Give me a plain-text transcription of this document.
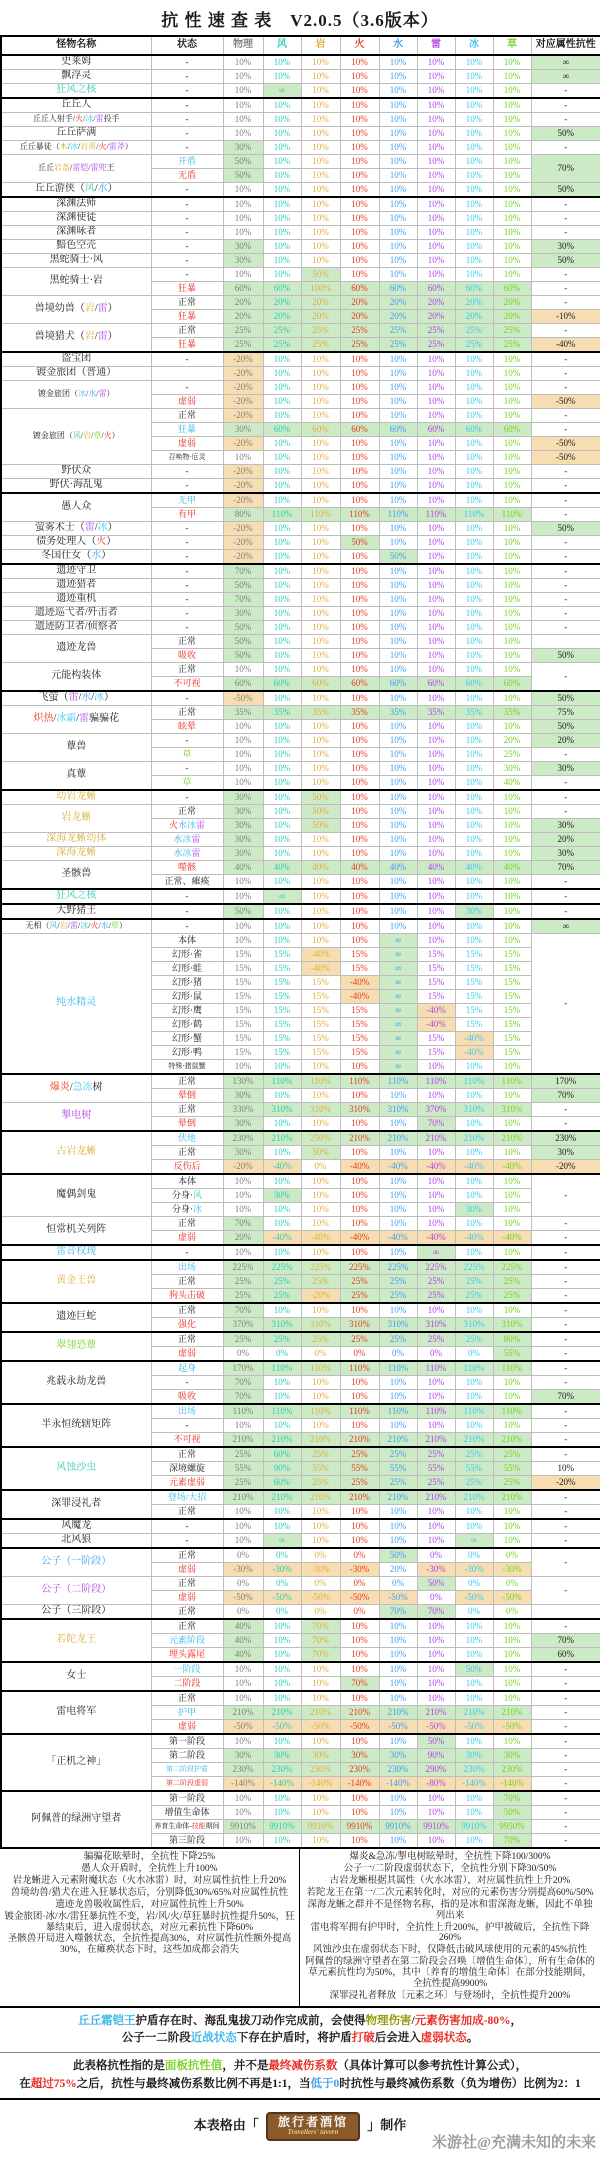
抗 性 速 查 表　V2.0.5（3.6版本）
怪物名称	状态	物理	风	岩	火	水	雷	冰	草	对应属性抗性
史莱姆	-	10%	10%	10%	10%	10%	10%	10%	10%	∞
飘浮灵	-	10%	10%	10%	10%	10%	10%	10%	10%	∞
狂风之核	-	10%	∞	10%	10%	10%	10%	10%	10%	-
丘丘人	-	10%	10%	10%	10%	10%	10%	10%	10%	-
丘丘人射手/火/冰/雷投手	-	10%	10%	10%	10%	10%	10%	10%	10%	-
丘丘萨满	-	10%	10%	10%	10%	10%	10%	10%	10%	50%
丘丘暴徒（木/冰/岩盾/火/雷斧）	-	30%	10%	10%	10%	10%	10%	10%	10%	-
丘丘岩盔/雷铠/雷兜王	开盾	50%	10%	10%	10%	10%	10%	10%	10%	70%
	无盾	50%	10%	10%	10%	10%	10%	10%	10%	
丘丘游侠（风/水）	-	10%	10%	10%	10%	10%	10%	10%	10%	50%
深渊法师	-	10%	10%	10%	10%	10%	10%	10%	10%	-
深渊使徒	-	10%	10%	10%	10%	10%	10%	10%	10%	-
深渊咏者	-	10%	10%	10%	10%	10%	10%	10%	10%	-
黯色空壳	-	30%	10%	10%	10%	10%	10%	10%	10%	30%
黑蛇骑士·风	-	30%	10%	10%	10%	10%	10%	10%	10%	50%
黑蛇骑士·岩	-	10%	10%	50%	10%	10%	10%	10%	10%	-
	狂暴	60%	60%	100%	60%	60%	60%	60%	60%	-
兽境幼兽（岩/雷）	正常	20%	20%	20%	20%	20%	20%	20%	20%	-
	狂暴	20%	20%	20%	20%	20%	20%	20%	20%	-10%
兽境猎犬（岩/雷）	正常	25%	25%	25%	25%	25%	25%	25%	25%	-
	狂暴	25%	25%	25%	25%	25%	25%	25%	25%	-40%
盗宝团	-	-20%	10%	10%	10%	10%	10%	10%	10%	-
镀金旅团（普通）		-20%	10%	10%	10%	10%	10%	10%	10%	-
镀金旅团（冰/水/雷）	-	-20%	10%	10%	10%	10%	10%	10%	10%	-
	虚弱	-20%	10%	10%	10%	10%	10%	10%	10%	-50%
镀金旅团（风/岩/草/火）	正常	-20%	10%	10%	10%	10%	10%	10%	10%	-
	狂暴	30%	60%	60%	60%	60%	60%	60%	60%	-
	虚弱	-20%	10%	10%	10%	10%	10%	10%	10%	-50%
	召唤物·厄灵	10%	10%	10%	10%	10%	10%	10%	10%	-50%
野伏众	-	-20%	10%	10%	10%	10%	10%	10%	10%	-
野伏·海乱鬼	-	-20%	10%	10%	10%	10%	10%	10%	10%	-
愚人众	无甲	-20%	10%	10%	10%	10%	10%	10%	10%	-
	有甲	80%	110%	110%	110%	110%	110%	110%	110%	-
萤雾术士（雷/冰）	-	-20%	10%	10%	10%	10%	10%	10%	10%	50%
债务处理人（火）	-	-20%	10%	10%	50%	10%	10%	10%	10%	-
冬国仕女（水）	-	-20%	10%	10%	10%	50%	10%	10%	10%	-
遗迹守卫	-	70%	10%	10%	10%	10%	10%	10%	10%	-
遗迹猎者	-	50%	10%	10%	10%	10%	10%	10%	10%	-
遗迹重机	-	70%	10%	10%	10%	10%	10%	10%	10%	-
遗迹巡弋者/歼击者	-	30%	10%	10%	10%	10%	10%	10%	10%	-
遗迹防卫者/侦察者	-	50%	10%	10%	10%	10%	10%	10%	10%	-
遗迹龙兽	正常	50%	10%	10%	10%	10%	10%	10%	10%	
	吸收	50%	10%	10%	10%	10%	10%	10%	10%	50%
元能构装体	正常	10%	10%	10%	10%	10%	10%	10%	10%	-
	不可视	60%	60%	60%	60%	60%	60%	60%	60%	
飞萤（雷/水/冰）	-	-50%	10%	10%	10%	10%	10%	10%	10%	50%
炽热/冰霜/雷骗骗花	正常	35%	35%	35%	35%	35%	35%	35%	35%	75%
	眩晕	10%	10%	10%	10%	10%	10%	10%	10%	50%
蕈兽	-	10%	10%	10%	10%	10%	10%	10%	20%	20%
	草	10%	10%	10%	10%	10%	10%	10%	25%	-
真蕈	-	10%	10%	10%	10%	10%	10%	10%	30%	30%
	草	10%	10%	10%	10%	10%	10%	10%	40%	-
幼岩龙蜥	-	30%	10%	50%	10%	10%	10%	10%	10%	-
岩龙蜥	正常	30%	10%	50%	10%	10%	10%	10%	10%	-
	火水冰雷	30%	10%	50%	10%	10%	10%	10%	10%	30%
深海龙蜥幼体	水冰雷	30%	10%	10%	10%	10%	10%	10%	10%	20%
深海龙蜥	水冰雷	30%	10%	10%	10%	10%	10%	10%	10%	30%
圣骸兽	噬骸	40%	40%	40%	40%	40%	40%	40%	40%	70%
	正常、瘫痪	10%	10%	10%	10%	10%	10%	10%	10%	-
狂风之核	-	10%	∞	10%	10%	10%	10%	10%	10%	-
大野猪王	-	50%	10%	10%	10%	10%	10%	30%	10%	-
无相（风/岩/雷/冰/火/水/草）	-	10%	10%	10%	10%	10%	10%	10%	10%	∞
纯水精灵	本体	10%	10%	10%	10%	∞	10%	10%	10%	-
	幻形·雀	15%	15%	-40%	15%	∞	15%	15%	15%	
	幻形·蛙	15%	15%	-40%	15%	∞	15%	15%	15%	
	幻形·猪	15%	15%	15%	-40%	∞	15%	15%	15%	
	幻形·鼠	15%	15%	15%	-40%	∞	15%	15%	15%	
	幻形·鹰	15%	15%	15%	15%	∞	-40%	15%	15%	
	幻形·鹤	15%	15%	15%	15%	∞	-40%	15%	15%	
	幻形·蟹	15%	15%	15%	15%	∞	15%	-40%	15%	
	幻形·鸭	15%	15%	15%	15%	∞	15%	-40%	15%	
	特殊·猪鼠蟹	10%	10%	10%	10%	∞	10%	10%	10%	
爆炎/急冻树	正常	130%	110%	110%	110%	110%	110%	110%	110%	170%
	晕倒	30%	10%	10%	10%	10%	10%	10%	10%	70%
掣电树	正常	330%	310%	310%	310%	310%	370%	310%	310%	-
	晕倒	30%	10%	10%	10%	10%	70%	10%	10%	-
古岩龙蜥	伏地	230%	210%	250%	210%	210%	210%	210%	210%	230%
	正常	30%	10%	50%	10%	10%	10%	10%	10%	30%
	反伤后	-20%	-40%	0%	-40%	-40%	-40%	-40%	-40%	-20%
魔偶剑鬼	本体	10%	10%	10%	10%	10%	10%	10%	10%	-
	分身·风	10%	30%	10%	10%	10%	10%	10%	10%	
	分身·冰	10%	10%	10%	10%	10%	10%	30%	10%	
恒常机关列阵	正常	70%	10%	10%	10%	10%	10%	10%	10%	-
	虚弱	20%	-40%	-40%	-40%	-40%	-40%	-40%	-40%	-
雷音权现	-	10%	10%	10%	10%	10%	∞	10%	10%	-
黄金王兽	出场	225%	225%	225%	225%	225%	225%	225%	225%	-
	正常	25%	25%	25%	25%	25%	25%	25%	25%	-
	狗头击破	25%	25%	-20%	25%	25%	25%	25%	25%	-
遗迹巨蛇	正常	70%	10%	10%	10%	10%	10%	10%	10%	-
	强化	370%	310%	310%	310%	310%	310%	310%	310%	-
翠翎恐蕈	正常	25%	25%	25%	25%	25%	25%	25%	80%	-
	虚弱	0%	0%	0%	0%	0%	0%	0%	55%	-
兆载永劫龙兽	起身	170%	110%	110%	110%	110%	110%	110%	110%	-
	-	70%	10%	10%	10%	10%	10%	10%	10%	-
	吸收	70%	10%	10%	10%	10%	10%	10%	10%	70%
半永恒统辖矩阵	出场	110%	110%	110%	110%	110%	110%	110%	110%	-
	-	10%	10%	10%	10%	10%	10%	10%	10%	-
	不可视	210%	210%	210%	210%	210%	210%	210%	210%	-
风蚀沙虫	正常	25%	60%	25%	25%	25%	25%	25%	25%	-
	深境螺旋	55%	90%	55%	55%	55%	55%	55%	55%	10%
	元素虚弱	25%	60%	25%	25%	25%	25%	25%	25%	-20%
深罪浸礼者	登场/大招	210%	210%	210%	210%	210%	210%	210%	210%	-
	正常	10%	10%	10%	10%	10%	10%	10%	10%	-
风魔龙	-	10%	10%	10%	10%	10%	10%	10%	10%	-
北风狼	-	10%	∞	10%	10%	10%	10%	∞	10%	-
公子（一阶段）	正常	0%	0%	0%	0%	50%	0%	0%	0%	-
	虚弱	-30%	-30%	-30%	-30%	20%	-30%	-30%	-30%	
公子（二阶段）	正常	0%	0%	0%	0%	0%	50%	0%	0%	-
	虚弱	-50%	-50%	-50%	-50%	-50%	0%	-50%	-50%	
公子（三阶段）	正常	0%	0%	0%	0%	70%	70%	0%	0%	
若陀龙王	正常	40%	10%	70%	10%	10%	10%	10%	10%	-
	元素阶段	40%	10%	70%	10%	10%	10%	10%	10%	70%
	埋头露尾	40%	10%	70%	10%	10%	10%	10%	10%	60%
女士	一阶段	10%	10%	10%	10%	10%	10%	50%	10%	-
	二阶段	10%	10%	10%	70%	10%	10%	10%	10%	-
雷电将军	正常	10%	10%	10%	10%	10%	10%	10%	10%	-
	护甲	210%	210%	210%	210%	210%	210%	210%	210%	-
	虚弱	-50%	-50%	-50%	-50%	-50%	-50%	-50%	-50%	-
「正机之神」	第一阶段	10%	10%	10%	10%	10%	50%	10%	10%	-
	第二阶段	30%	30%	30%	30%	30%	90%	30%	30%	-
	第二阶段护盾	230%	230%	230%	230%	230%	290%	230%	230%	-
	第二阶段虚弱	-140%	-140%	-140%	-140%	-140%	-80%	-140%	-140%	-
阿佩普的绿洲守望者	第一阶段	10%	10%	10%	10%	10%	10%	10%	70%	-
	增值生命体	10%	10%	10%	10%	10%	10%	10%	50%	-
	养育生命体-技能期间	9910%	9910%	9910%	9910%	9910%	9910%	9910%	9950%	-
	第三阶段	10%	10%	10%	10%	10%	10%	10%	70%	-
骗骗花眩晕时，全抗性下降25%
愚人众开盾时，全抗性上升100%
岩龙蜥进入元素附魔状态（火水冰雷）时，对应属性抗性上升20%
兽境幼兽/猎犬在进入狂暴状态后，分别降低30%/65%对应属性抗性
遗迹龙兽吸收属性后，对应属性抗性上升50%
镀金旅团·冰/水/雷狂暴抗性不变，岩/风/火/草狂暴时抗性提升50%，狂暴结束后，进入虚弱状态，对应元素抗性下降60%
圣骸兽开局进入噬骸状态，全抗性提高30%，对应属性抗性额外提高30%，在瘫痪状态下时，这些加成都会消失
爆炎&急冻/掣电树眩晕时，全抗性下降100/300%
公子一/二阶段虚弱状态下，全抗性分别下降30/50%
古岩龙蜥根据其属性（火水冰雷），对应属性抗性上升20%
若陀龙王在第一/二次元素转化时，对应的元素伤害分别提高60%/50%
深海龙蜥之群并不是怪物名称，指的是冰和雷深海龙蜥，因此不单独列出来
雷电将军拥有护甲时，全抗性上升200%，护甲被破后，全抗性下降260%
风蚀沙虫在虚弱状态下时，仅降低击破风球使用的元素的45%抗性
阿佩普的绿洲守望者在第二阶段会召唤〔增值生命体〕，所有生命体的草元素抗性均为50%，其中〔养育的增值生命体〕在部分技能期间，全抗性提高9900%
深罪浸礼者释放〔元素之环〕与登场时，全抗性提升200%
丘丘霜铠王护盾存在时、海乱鬼拔刀动作完成前，会使得物理伤害/元素伤害加成-80%，
公子一二阶段近战状态下存在护盾时，将护盾打破后会进入虚弱状态。
此表格抗性指的是面板抗性值，并不是最终减伤系数（具体计算可以参考抗性计算公式），
在超过75%之后，抗性与最终减伤系数比例不再是1:1，当低于0时抗性与最终减伤系数（负为增伤）比例为2：1
本表格由「 旅行者酒馆
Travellers' tavern	」制作
米游社@充满未知的未来
